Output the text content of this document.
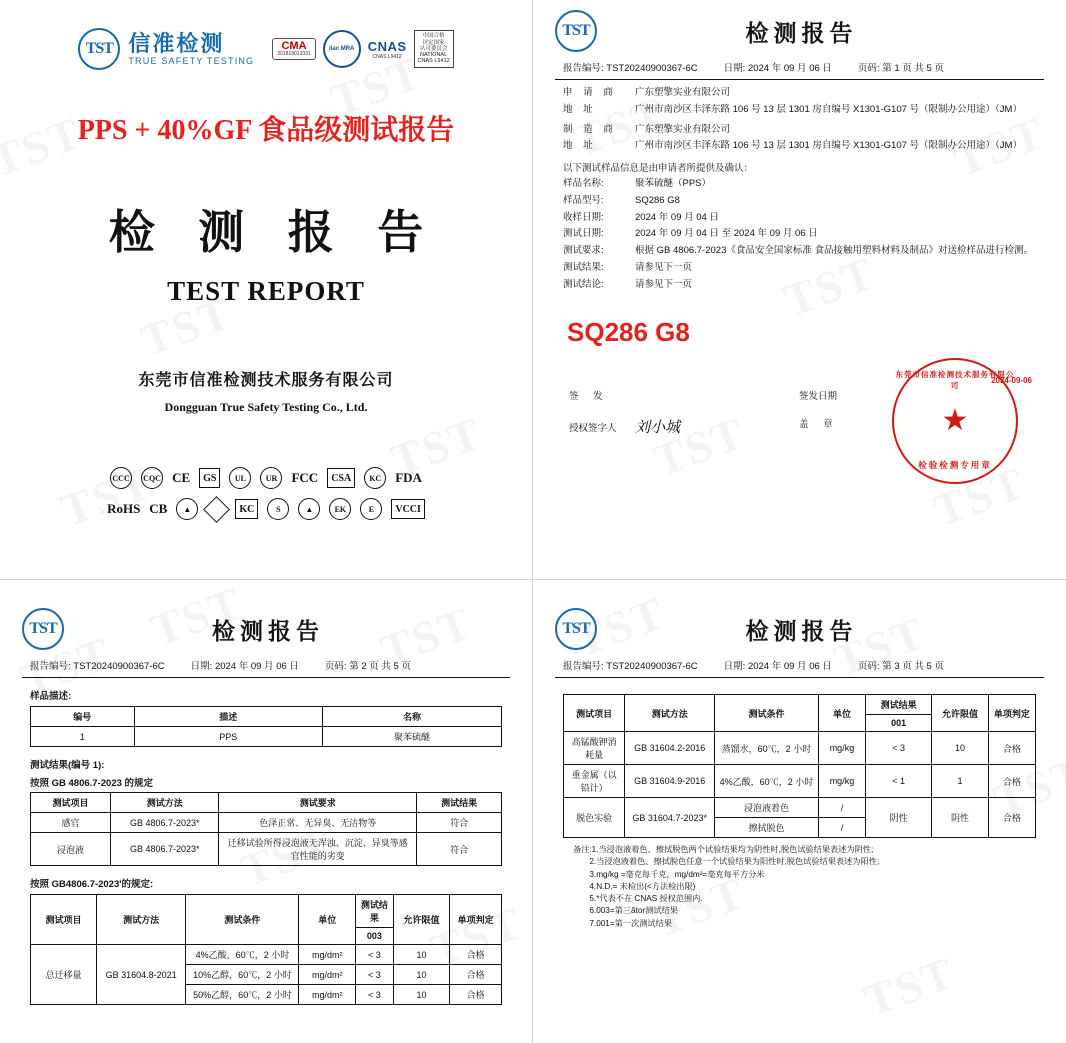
TST 信准检测
TRUE SAFETY TESTING
CMA
201819013331
ilac MRA CNAS
CNAS L9412
中国合格
评定国家
认可委员会
NATIONAL
CNAS L9412
PPS + 40%GF 食品级测试报告
检 测 报 告
TEST REPORT
东莞市信准检测技术服务有限公司
Dongguan True Safety Testing Co., Ltd.
CCC CQC CE	GS	UL	UR	FCC	CSA	KC	FDA
RoHS CB	▲	KC	S	▲	EK	E	VCCI
TST	检测报告
报告编号: TST20240900367-6C	日期: 2024 年 09 月 06 日	页码: 第 1 页 共 5 页
申 请 商	广东塑擎实业有限公司
地 址	广州市南沙区丰泽东路 106 号 13 层 1301 房自编号 X1301-G107 号（限制办公用途）（JM）
制 造 商	广东塑擎实业有限公司
地 址	广州市南沙区丰泽东路 106 号 13 层 1301 房自编号 X1301-G107 号（限制办公用途）（JM）
以下测试样品信息是由申请者所提供及确认：
样品名称:	聚苯硫醚（PPS）
样品型号:	SQ286 G8
收样日期:	2024 年 09 月 04 日
测试日期:	2024 年 09 月 04 日 至 2024 年 09 月 06 日
测试要求:	根据 GB 4806.7-2023《食品安全国家标准 食品接触用塑料材料及制品》对送检样品进行检测。
测试结果:	请参见下一页
测试结论:	请参见下一页
SQ286 G8
签 发
授权签字人	刘小城
签发日期
盖 章
东莞市信准检测技术服务有限公司
★
检验检测专用章
2024-09-06
TST	检测报告
报告编号: TST20240900367-6C	日期: 2024 年 09 月 06 日	页码: 第 2 页 共 5 页
样品描述:
编号	描述	名称
1	PPS	聚苯硫醚
测试结果(编号 1):
按照 GB 4806.7-2023 的规定
测试项目	测试方法	测试要求	测试结果
感官	GB 4806.7-2023*	色泽正常、无异臭、无洁物等	符合
浸泡液	GB 4806.7-2023*	迁移试验所得浸泡液无浑浊、沉淀、异臭等感官性能的劣变	符合
按照 GB4806.7-2023'的规定:
测试项目	测试方法	测试条件	单位	测试结果	允许限值	单项判定
				003		
总迁移量	GB 31604.8-2021	4%乙酸，60℃，2 小时	mg/dm²	< 3	10	合格
		10%乙醇，60℃，2 小时	mg/dm²	< 3	10	合格
		50%乙醇，60℃，2 小时	mg/dm²	< 3	10	合格
TST	检测报告
报告编号: TST20240900367-6C	日期: 2024 年 09 月 06 日	页码: 第 3 页 共 5 页
测试项目	测试方法	测试条件	单位	测试结果	允许限值	单项判定
				001		
高锰酸钾消耗量	GB 31604.2-2016	蒸馏水，60℃，2 小时	mg/kg	< 3	10	合格
重金属（以铅计）	GB 31604.9-2016	4%乙酸，60℃，2 小时	mg/kg	< 1	1	合格
脱色实验	GB 31604.7-2023*	浸泡液着色	/	阴性	阴性	合格
		擦拭脱色	/			
备注:1.当浸泡液着色、擦拭脱色两个试验结果均为阴性时,脱色试验结果表述为阴性;
　　2.当浸泡液着色、擦拭脱色任意一个试验结果为阳性时,脱色试验结果表述为阳性;
　　3.mg/kg =毫克每千克，mg/dm²=毫克每平方分米
　　4.N.D.= 未检出(<方法检出限)
　　5.*代表不在 CNAS 授权范围内.
　　6.003=第三ător测试结果
　　7.001=第一次测试结果
